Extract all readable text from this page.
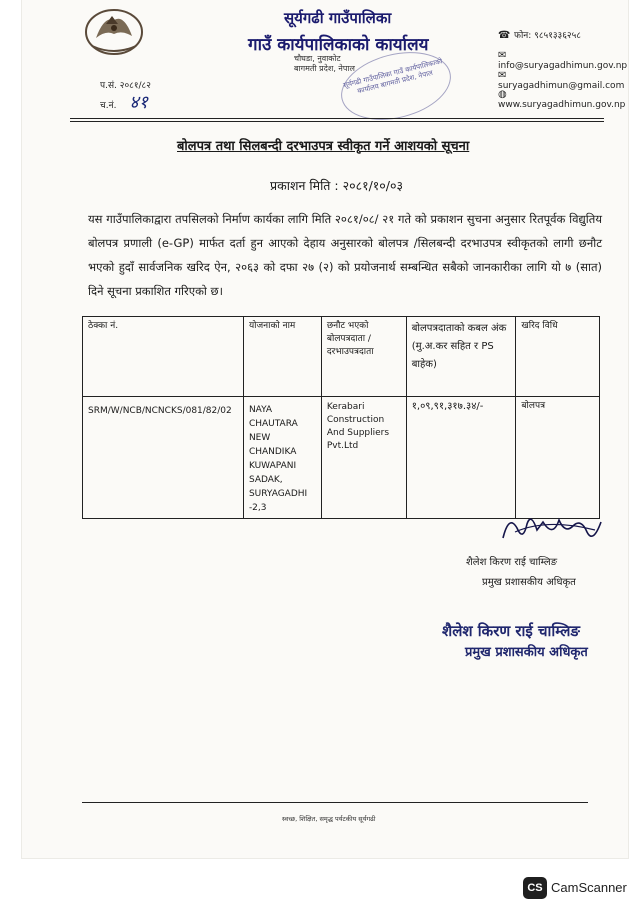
सूर्यगढी गाउँपालिका
गाउँ कार्यपालिकाको कार्यालय
चौघडा, नुवाकोट
बागमती प्रदेश, नेपाल
सूर्यगढी गाउँपालिका गाउँ कार्यपालिकाको कार्यालय बागमती प्रदेश, नेपाल
☎ फोन: ९८५१३३६२५८
✉info@suryagadhimun.gov.np
✉suryagadhimun@gmail.com
◍www.suryagadhimun.gov.np
प.सं. २०८१/८२
च.नं. ४१
बोलपत्र तथा सिलबन्दी दरभाउपत्र स्वीकृत गर्ने आशयको सूचना
प्रकाशन मिति : २०८१/१०/०३
यस गाउँपालिकाद्वारा तपसिलको निर्माण कार्यका लागि मिति २०८१/०८/ २१ गते को प्रकाशन सुचना अनुसार रितपूर्वक विद्युतिय बोलपत्र प्रणाली (e-GP) मार्फत दर्ता हुन आएको देहाय अनुसारको बोलपत्र /सिलबन्दी दरभाउपत्र स्वीकृतको लागी छनौट भएको हुदाँ सार्वजनिक खरिद ऐन, २०६३ को दफा २७ (२) को प्रयोजनार्थ सम्बन्धित सबैको जानकारीका लागि यो ७ (सात) दिने सूचना प्रकाशित गरिएको छ।
ठेक्का नं.	योजनाको नाम	छनौट भएको बोलपत्रदाता / दरभाउपत्रदाता	बोलपत्रदाताको कबल अंक (मु.अ.कर सहित र PS बाहेक)	खरिद विधि
SRM/W/NCB/NCNCKS/081/82/02	NAYA CHAUTARA NEW CHANDIKA KUWAPANI SADAK, SURYAGADHI -2,3	Kerabari Construction And Suppliers Pvt.Ltd	१,०९,९१,३१७.३४/-	बोलपत्र
शैलेश किरण राई चाम्लिङ
प्रमुख प्रशासकीय अधिकृत
शैलेश किरण राई चाम्लिङ
प्रमुख प्रशासकीय अधिकृत
स्वच्छ, शिक्षित, समृद्ध पर्यटकीय सूर्यगढी
CS CamScanner
